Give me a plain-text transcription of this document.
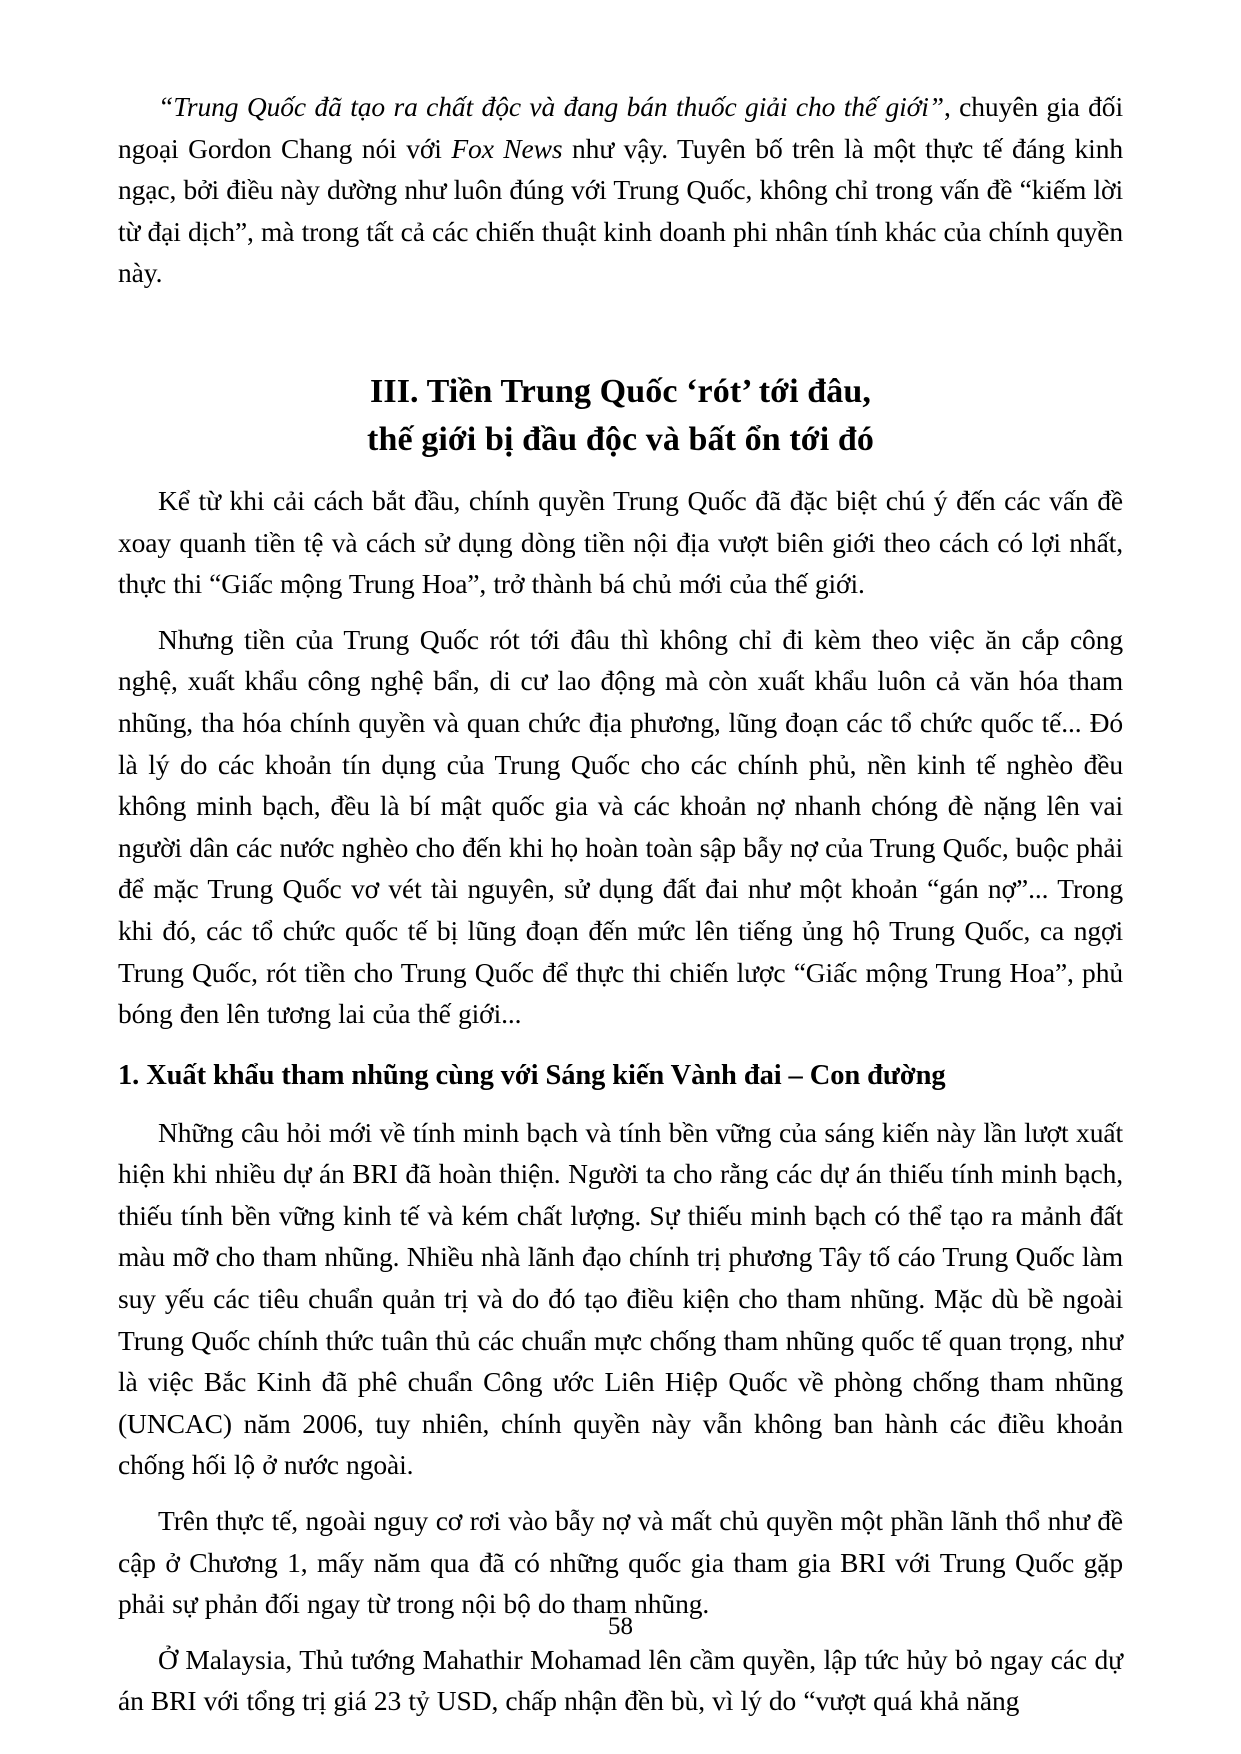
“Trung Quốc đã tạo ra chất độc và đang bán thuốc giải cho thế giới”, chuyên gia đối ngoại Gordon Chang nói với Fox News như vậy. Tuyên bố trên là một thực tế đáng kinh ngạc, bởi điều này dường như luôn đúng với Trung Quốc, không chỉ trong vấn đề “kiếm lời từ đại dịch”, mà trong tất cả các chiến thuật kinh doanh phi nhân tính khác của chính quyền này.

III. Tiền Trung Quốc ‘rót’ tới đâu,
thế giới bị đầu độc và bất ổn tới đó

Kể từ khi cải cách bắt đầu, chính quyền Trung Quốc đã đặc biệt chú ý đến các vấn đề xoay quanh tiền tệ và cách sử dụng dòng tiền nội địa vượt biên giới theo cách có lợi nhất, thực thi “Giấc mộng Trung Hoa”, trở thành bá chủ mới của thế giới.

Nhưng tiền của Trung Quốc rót tới đâu thì không chỉ đi kèm theo việc ăn cắp công nghệ, xuất khẩu công nghệ bẩn, di cư lao động mà còn xuất khẩu luôn cả văn hóa tham nhũng, tha hóa chính quyền và quan chức địa phương, lũng đoạn các tổ chức quốc tế... Đó là lý do các khoản tín dụng của Trung Quốc cho các chính phủ, nền kinh tế nghèo đều không minh bạch, đều là bí mật quốc gia và các khoản nợ nhanh chóng đè nặng lên vai người dân các nước nghèo cho đến khi họ hoàn toàn sập bẫy nợ của Trung Quốc, buộc phải để mặc Trung Quốc vơ vét tài nguyên, sử dụng đất đai như một khoản “gán nợ”... Trong khi đó, các tổ chức quốc tế bị lũng đoạn đến mức lên tiếng ủng hộ Trung Quốc, ca ngợi Trung Quốc, rót tiền cho Trung Quốc để thực thi chiến lược “Giấc mộng Trung Hoa”, phủ bóng đen lên tương lai của thế giới...

1. Xuất khẩu tham nhũng cùng với Sáng kiến Vành đai – Con đường

Những câu hỏi mới về tính minh bạch và tính bền vững của sáng kiến này lần lượt xuất hiện khi nhiều dự án BRI đã hoàn thiện. Người ta cho rằng các dự án thiếu tính minh bạch, thiếu tính bền vững kinh tế và kém chất lượng. Sự thiếu minh bạch có thể tạo ra mảnh đất màu mỡ cho tham nhũng. Nhiều nhà lãnh đạo chính trị phương Tây tố cáo Trung Quốc làm suy yếu các tiêu chuẩn quản trị và do đó tạo điều kiện cho tham nhũng. Mặc dù bề ngoài Trung Quốc chính thức tuân thủ các chuẩn mực chống tham nhũng quốc tế quan trọng, như là việc Bắc Kinh đã phê chuẩn Công ước Liên Hiệp Quốc về phòng chống tham nhũng (UNCAC) năm 2006, tuy nhiên, chính quyền này vẫn không ban hành các điều khoản chống hối lộ ở nước ngoài.

Trên thực tế, ngoài nguy cơ rơi vào bẫy nợ và mất chủ quyền một phần lãnh thổ như đề cập ở Chương 1, mấy năm qua đã có những quốc gia tham gia BRI với Trung Quốc gặp phải sự phản đối ngay từ trong nội bộ do tham nhũng.

Ở Malaysia, Thủ tướng Mahathir Mohamad lên cầm quyền, lập tức hủy bỏ ngay các dự án BRI với tổng trị giá 23 tỷ USD, chấp nhận đền bù, vì lý do “vượt quá khả năng

58
